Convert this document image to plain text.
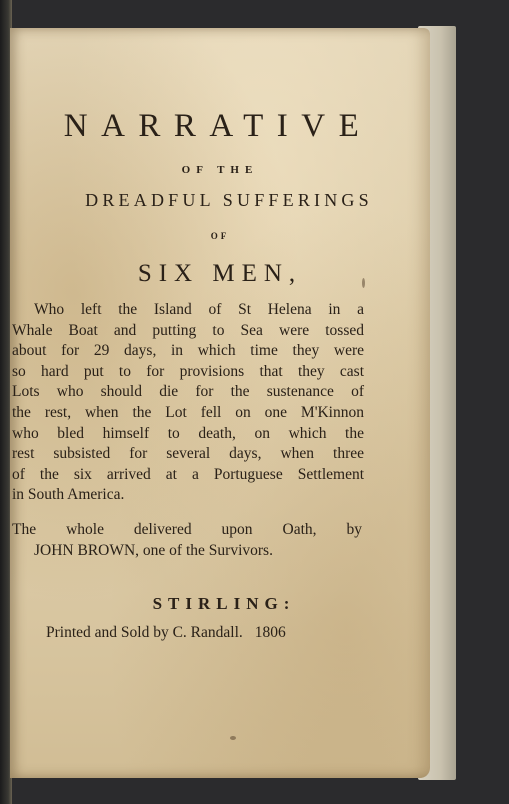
NARRATIVE
OF THE
DREADFUL SUFFERINGS
OF
SIX MEN,
Who left the Island of St Helena in a
Whale Boat and putting to Sea were tossed
about for 29 days, in which time they were
so hard put to for provisions that they cast
Lots who should die for the sustenance of
the rest, when the Lot fell on one M'Kinnon
who bled himself to death, on which the
rest subsisted for several days, when three
of the six arrived at a Portuguese Settlement
in South America.
The whole delivered upon Oath, by
JOHN BROWN, one of the Survivors.
STIRLING:
Printed and Sold by C. Randall. 1806
